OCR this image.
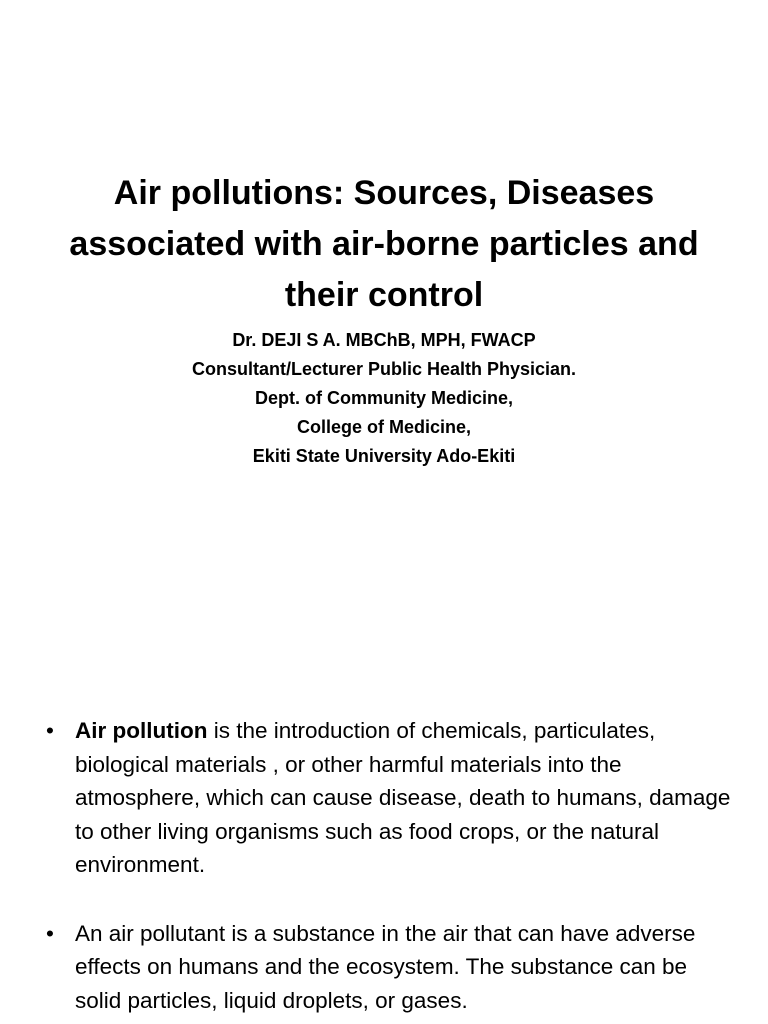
Air pollutions: Sources, Diseases associated with air-borne particles and their control
Dr. DEJI S A. MBChB, MPH, FWACP
Consultant/Lecturer Public Health Physician.
Dept. of Community Medicine,
College of Medicine,
Ekiti State University Ado-Ekiti
• Air pollution is the introduction of chemicals, particulates, biological materials , or other harmful materials into the atmosphere, which can cause disease, death to humans, damage to other living organisms such as food crops, or the natural environment.
• An air pollutant is a substance in the air that can have adverse effects on humans and the ecosystem. The substance can be solid particles, liquid droplets, or gases.
